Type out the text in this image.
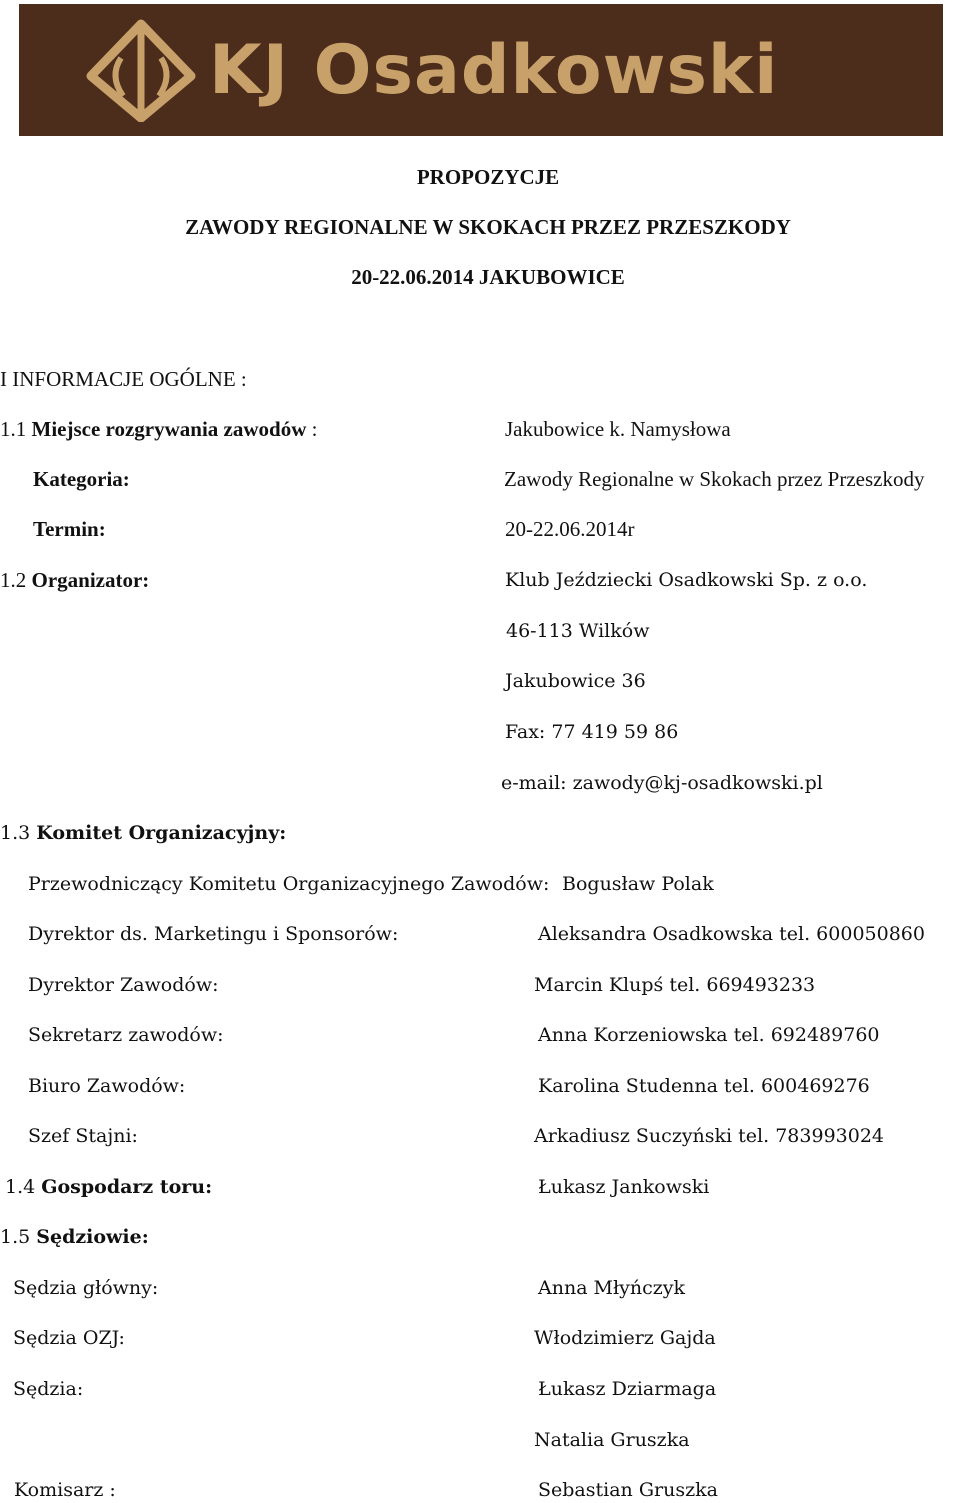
KJ Osadkowski
PROPOZYCJE
ZAWODY REGIONALNE W SKOKACH PRZEZ PRZESZKODY
20-22.06.2014 JAKUBOWICE
I INFORMACJE OGÓLNE :
1.1 Miejsce rozgrywania zawodów :	Jakubowice k. Namysłowa
Kategoria:	Zawody Regionalne w Skokach przez Przeszkody
Termin:	20-22.06.2014r
1.2 Organizator:	Klub Jeździecki Osadkowski Sp. z o.o.
46-113 Wilków
Jakubowice 36
Fax: 77 419 59 86
e-mail: zawody@kj-osadkowski.pl
1.3 Komitet Organizacyjny:
Przewodniczący Komitetu Organizacyjnego Zawodów: Bogusław Polak
Dyrektor ds. Marketingu i Sponsorów:	Aleksandra Osadkowska tel. 600050860
Dyrektor Zawodów:	Marcin Klupś tel. 669493233
Sekretarz zawodów:	Anna Korzeniowska tel. 692489760
Biuro Zawodów:	Karolina Studenna tel. 600469276
Szef Stajni:	Arkadiusz Suczyński tel. 783993024
1.4 Gospodarz toru:	Łukasz Jankowski
1.5 Sędziowie:
Sędzia główny:	Anna Młyńczyk
Sędzia OZJ:	Włodzimierz Gajda
Sędzia:	Łukasz Dziarmaga
Natalia Gruszka
Komisarz :	Sebastian Gruszka
